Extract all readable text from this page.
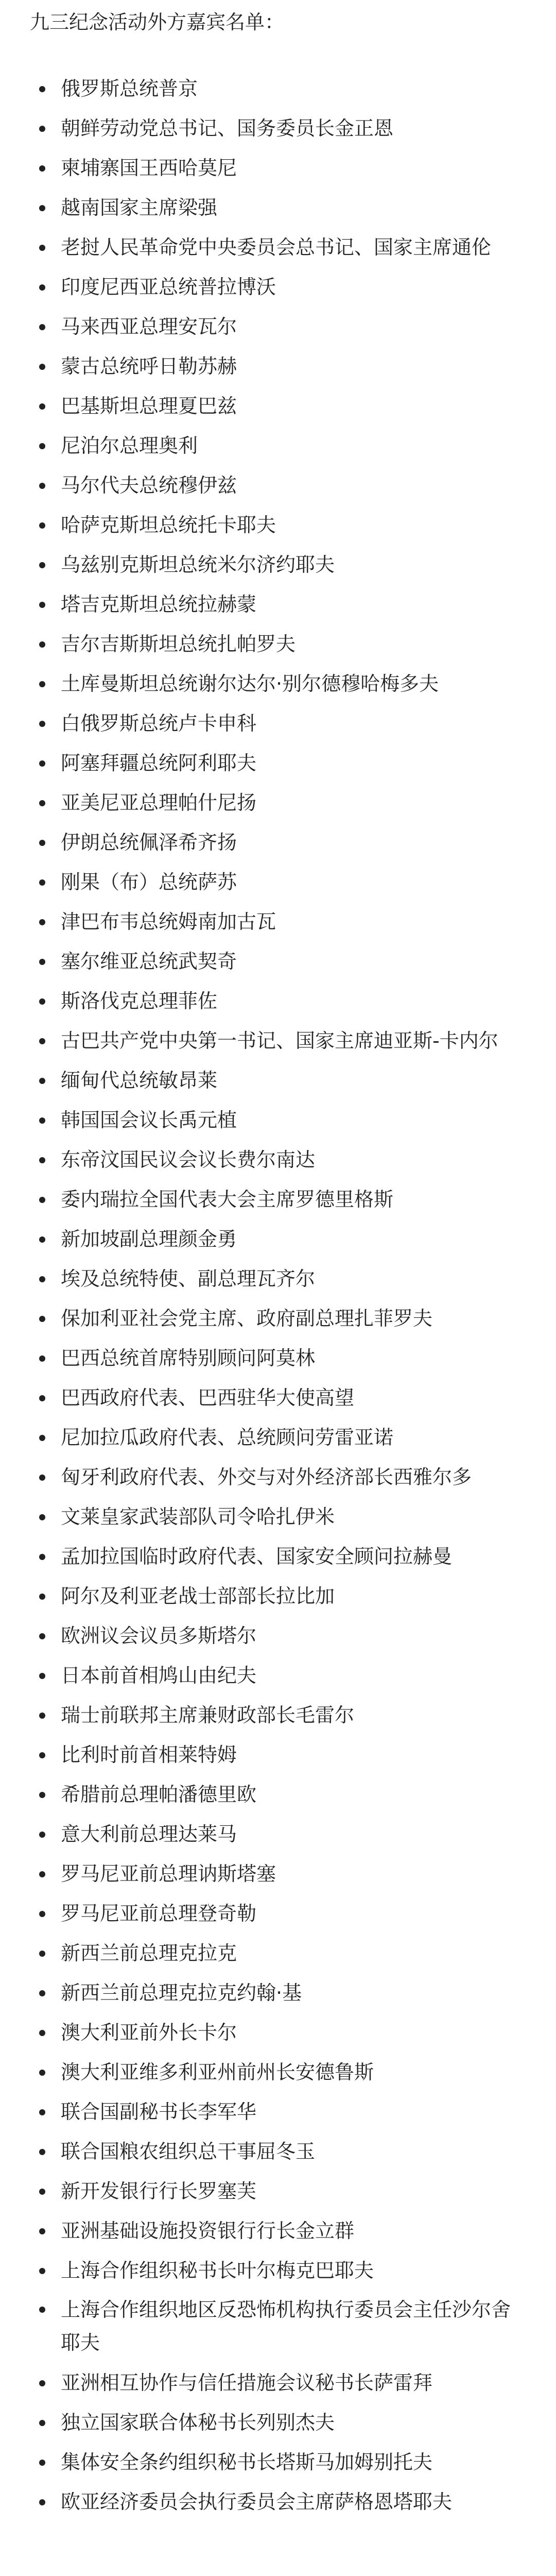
九三纪念活动外方嘉宾名单：
俄罗斯总统普京
朝鲜劳动党总书记、国务委员长金正恩
柬埔寨国王西哈莫尼
越南国家主席梁强
老挝人民革命党中央委员会总书记、国家主席通伦
印度尼西亚总统普拉博沃
马来西亚总理安瓦尔
蒙古总统呼日勒苏赫
巴基斯坦总理夏巴兹
尼泊尔总理奥利
马尔代夫总统穆伊兹
哈萨克斯坦总统托卡耶夫
乌兹别克斯坦总统米尔济约耶夫
塔吉克斯坦总统拉赫蒙
吉尔吉斯斯坦总统扎帕罗夫
土库曼斯坦总统谢尔达尔·别尔德穆哈梅多夫
白俄罗斯总统卢卡申科
阿塞拜疆总统阿利耶夫
亚美尼亚总理帕什尼扬
伊朗总统佩泽希齐扬
刚果（布）总统萨苏
津巴布韦总统姆南加古瓦
塞尔维亚总统武契奇
斯洛伐克总理菲佐
古巴共产党中央第一书记、国家主席迪亚斯-卡内尔
缅甸代总统敏昂莱
韩国国会议长禹元植
东帝汶国民议会议长费尔南达
委内瑞拉全国代表大会主席罗德里格斯
新加坡副总理颜金勇
埃及总统特使、副总理瓦齐尔
保加利亚社会党主席、政府副总理扎菲罗夫
巴西总统首席特别顾问阿莫林
巴西政府代表、巴西驻华大使高望
尼加拉瓜政府代表、总统顾问劳雷亚诺
匈牙利政府代表、外交与对外经济部长西雅尔多
文莱皇家武装部队司令哈扎伊米
孟加拉国临时政府代表、国家安全顾问拉赫曼
阿尔及利亚老战士部部长拉比加
欧洲议会议员多斯塔尔
日本前首相鸠山由纪夫
瑞士前联邦主席兼财政部长毛雷尔
比利时前首相莱特姆
希腊前总理帕潘德里欧
意大利前总理达莱马
罗马尼亚前总理讷斯塔塞
罗马尼亚前总理登奇勒
新西兰前总理克拉克
新西兰前总理克拉克约翰·基
澳大利亚前外长卡尔
澳大利亚维多利亚州前州长安德鲁斯
联合国副秘书长李军华
联合国粮农组织总干事屈冬玉
新开发银行行长罗塞芙
亚洲基础设施投资银行行长金立群
上海合作组织秘书长叶尔梅克巴耶夫
上海合作组织地区反恐怖机构执行委员会主任沙尔舍耶夫
亚洲相互协作与信任措施会议秘书长萨雷拜
独立国家联合体秘书长列别杰夫
集体安全条约组织秘书长塔斯马加姆别托夫
欧亚经济委员会执行委员会主席萨格恩塔耶夫
